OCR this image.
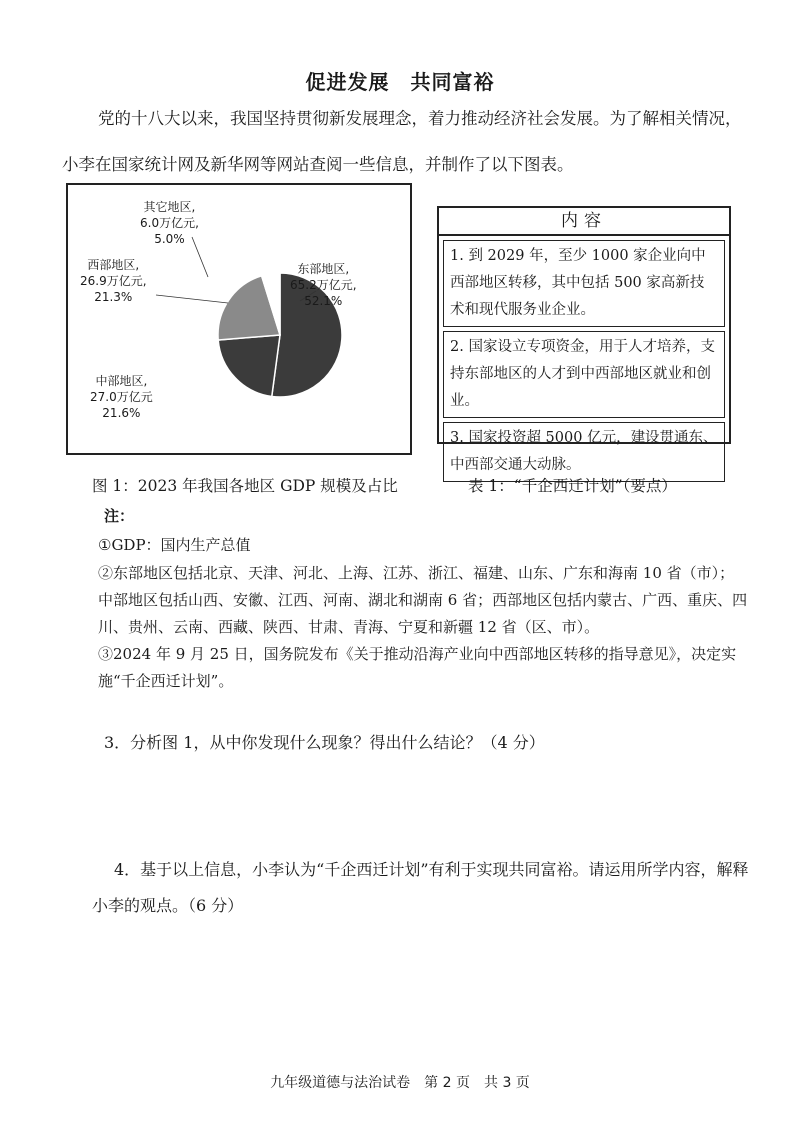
促进发展　共同富裕
党的十八大以来，我国坚持贯彻新发展理念，着力推动经济社会发展。为了解相关情况，小李在国家统计网及新华网等网站查阅一些信息，并制作了以下图表。
其它地区,
6.0万亿元,
5.0%
西部地区,
26.9万亿元,
21.3%
东部地区,
65.2万亿元,
52.1%
中部地区,
27.0万亿元
21.6%
内容
1. 到 2029 年，至少 1000 家企业向中西部地区转移，其中包括 500 家高新技术和现代服务业企业。
2. 国家设立专项资金，用于人才培养，支持东部地区的人才到中西部地区就业和创业。
3. 国家投资超 5000 亿元，建设贯通东、中西部交通大动脉。
图 1：2023 年我国各地区 GDP 规模及占比	表 1：“千企西迁计划”（要点）
注：
①GDP：国内生产总值
②东部地区包括北京、天津、河北、上海、江苏、浙江、福建、山东、广东和海南 10 省（市）；中部地区包括山西、安徽、江西、河南、湖北和湖南 6 省；西部地区包括内蒙古、广西、重庆、四川、贵州、云南、西藏、陕西、甘肃、青海、宁夏和新疆 12 省（区、市）。
③2024 年 9 月 25 日，国务院发布《关于推动沿海产业向中西部地区转移的指导意见》，决定实施“千企西迁计划”。
3．分析图 1，从中你发现什么现象？得出什么结论？（4 分）
4．基于以上信息，小李认为“千企西迁计划”有利于实现共同富裕。请运用所学内容，解释小李的观点。（6 分）
九年级道德与法治试卷　第 2 页　共 3 页
